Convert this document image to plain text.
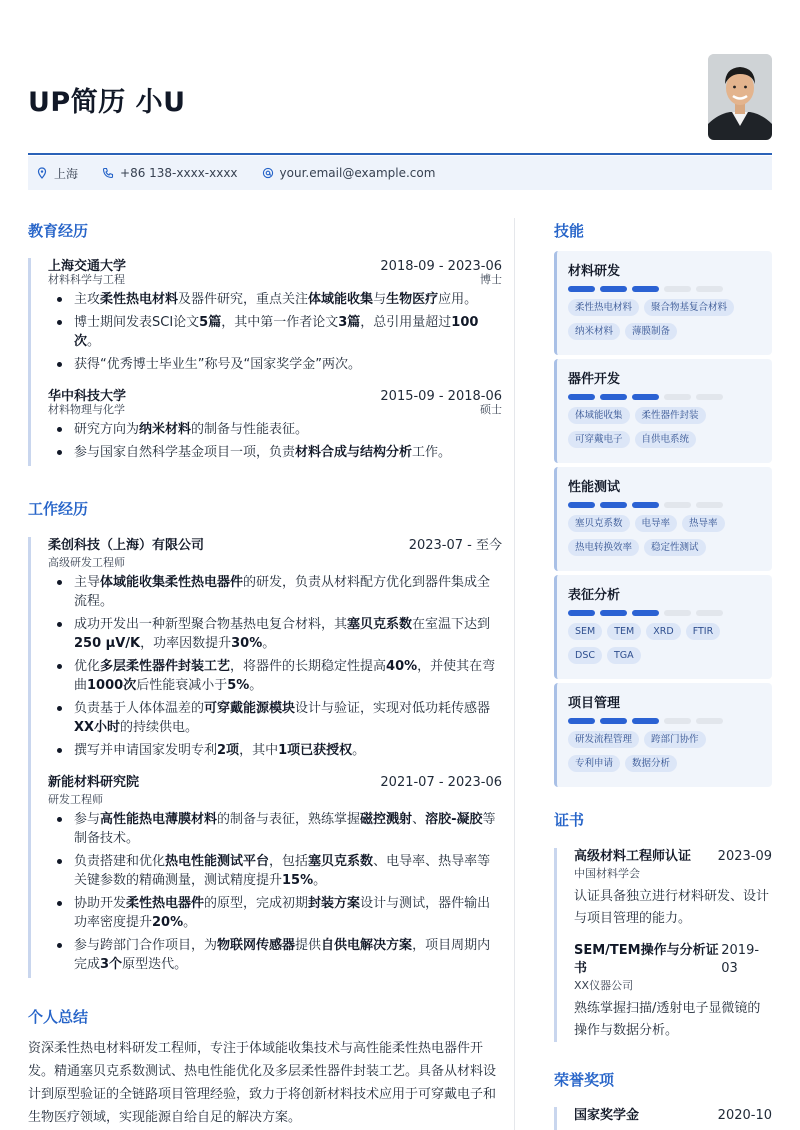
UP简历 小U
上海	+86 138-xxxx-xxxx	your.email@example.com
教育经历
上海交通大学	2018-09 - 2023-06
材料科学与工程	博士
主攻柔性热电材料及器件研究，重点关注体域能收集与生物医疗应用。
博士期间发表SCI论文5篇，其中第一作者论文3篇，总引用量超过100次。
获得“优秀博士毕业生”称号及“国家奖学金”两次。
华中科技大学	2015-09 - 2018-06
材料物理与化学	硕士
研究方向为纳米材料的制备与性能表征。
参与国家自然科学基金项目一项，负责材料合成与结构分析工作。
工作经历
柔创科技（上海）有限公司	2023-07 - 至今
高级研发工程师
主导体域能收集柔性热电器件的研发，负责从材料配方优化到器件集成全流程。
成功开发出一种新型聚合物基热电复合材料，其塞贝克系数在室温下达到250 μV/K，功率因数提升30%。
优化多层柔性器件封装工艺，将器件的长期稳定性提高40%，并使其在弯曲1000次后性能衰减小于5%。
负责基于人体体温差的可穿戴能源模块设计与验证，实现对低功耗传感器XX小时的持续供电。
撰写并申请国家发明专利2项，其中1项已获授权。
新能材料研究院	2021-07 - 2023-06
研发工程师
参与高性能热电薄膜材料的制备与表征，熟练掌握磁控溅射、溶胶-凝胶等制备技术。
负责搭建和优化热电性能测试平台，包括塞贝克系数、电导率、热导率等关键参数的精确测量，测试精度提升15%。
协助开发柔性热电器件的原型，完成初期封装方案设计与测试，器件输出功率密度提升20%。
参与跨部门合作项目，为物联网传感器提供自供电解决方案，项目周期内完成3个原型迭代。
个人总结
资深柔性热电材料研发工程师，专注于体域能收集技术与高性能柔性热电器件开发。精通塞贝克系数测试、热电性能优化及多层柔性器件封装工艺。具备从材料设计到原型验证的全链路项目管理经验，致力于将创新材料技术应用于可穿戴电子和生物医疗领域，实现能源自给自足的解决方案。
技能
材料研发
柔性热电材料	聚合物基复合材料
纳米材料	薄膜制备
器件开发
体域能收集	柔性器件封装
可穿戴电子	自供电系统
性能测试
塞贝克系数	电导率	热导率
热电转换效率	稳定性测试
表征分析
SEM	TEM	XRD	FTIR
DSC	TGA
项目管理
研发流程管理	跨部门协作
专利申请	数据分析
证书
高级材料工程师认证 2023-09
中国材料学会
认证具备独立进行材料研发、设计与项目管理的能力。
SEM/TEM操作与分析证书
2019-03
XX仪器公司
熟练掌握扫描/透射电子显微镜的操作与数据分析。
荣誉奖项
国家奖学金	2020-10
